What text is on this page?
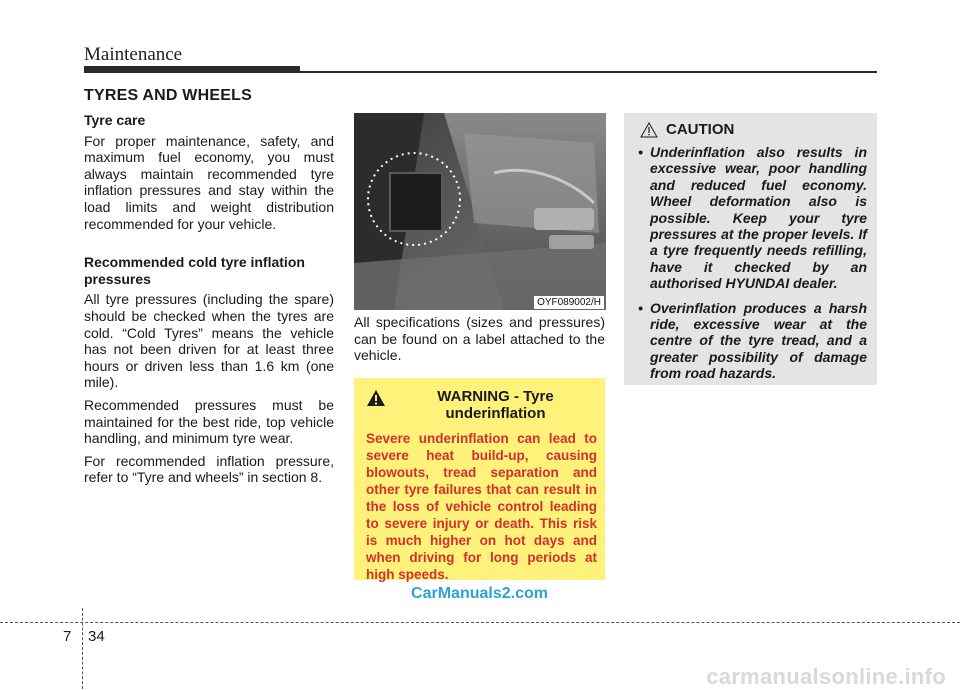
Maintenance
TYRES AND WHEELS
Tyre care

For proper maintenance, safety, and maximum fuel economy, you must always maintain recommended tyre inflation pressures and stay within the load limits and weight distribution recommended for your vehicle.

Recommended cold tyre inflation pressures

All tyre pressures (including the spare) should be checked when the tyres are cold. “Cold Tyres” means the vehicle has not been driven for at least three hours or driven less than 1.6 km (one mile).

Recommended pressures must be maintained for the best ride, top vehicle handling, and minimum tyre wear.

For recommended inflation pressure, refer to “Tyre and wheels” in section 8.

OYF089002/H
All specifications (sizes and pressures) can be found on a label attached to the vehicle.
WARNING - Tyre underinflation
Severe underinflation can lead to severe heat build-up, causing blowouts, tread separation and other tyre failures that can result in the loss of vehicle control leading to severe injury or death. This risk is much higher on hot days and when driving for long periods at high speeds.
CAUTION
• Underinflation also results in excessive wear, poor handling and reduced fuel economy. Wheel deformation also is possible. Keep your tyre pressures at the proper levels. If a tyre frequently needs refilling, have it checked by an authorised HYUNDAI dealer.
• Overinflation produces a harsh ride, excessive wear at the centre of the tyre tread, and a greater possibility of damage from road hazards.
CarManuals2.com
7 34
carmanualsonline.info
